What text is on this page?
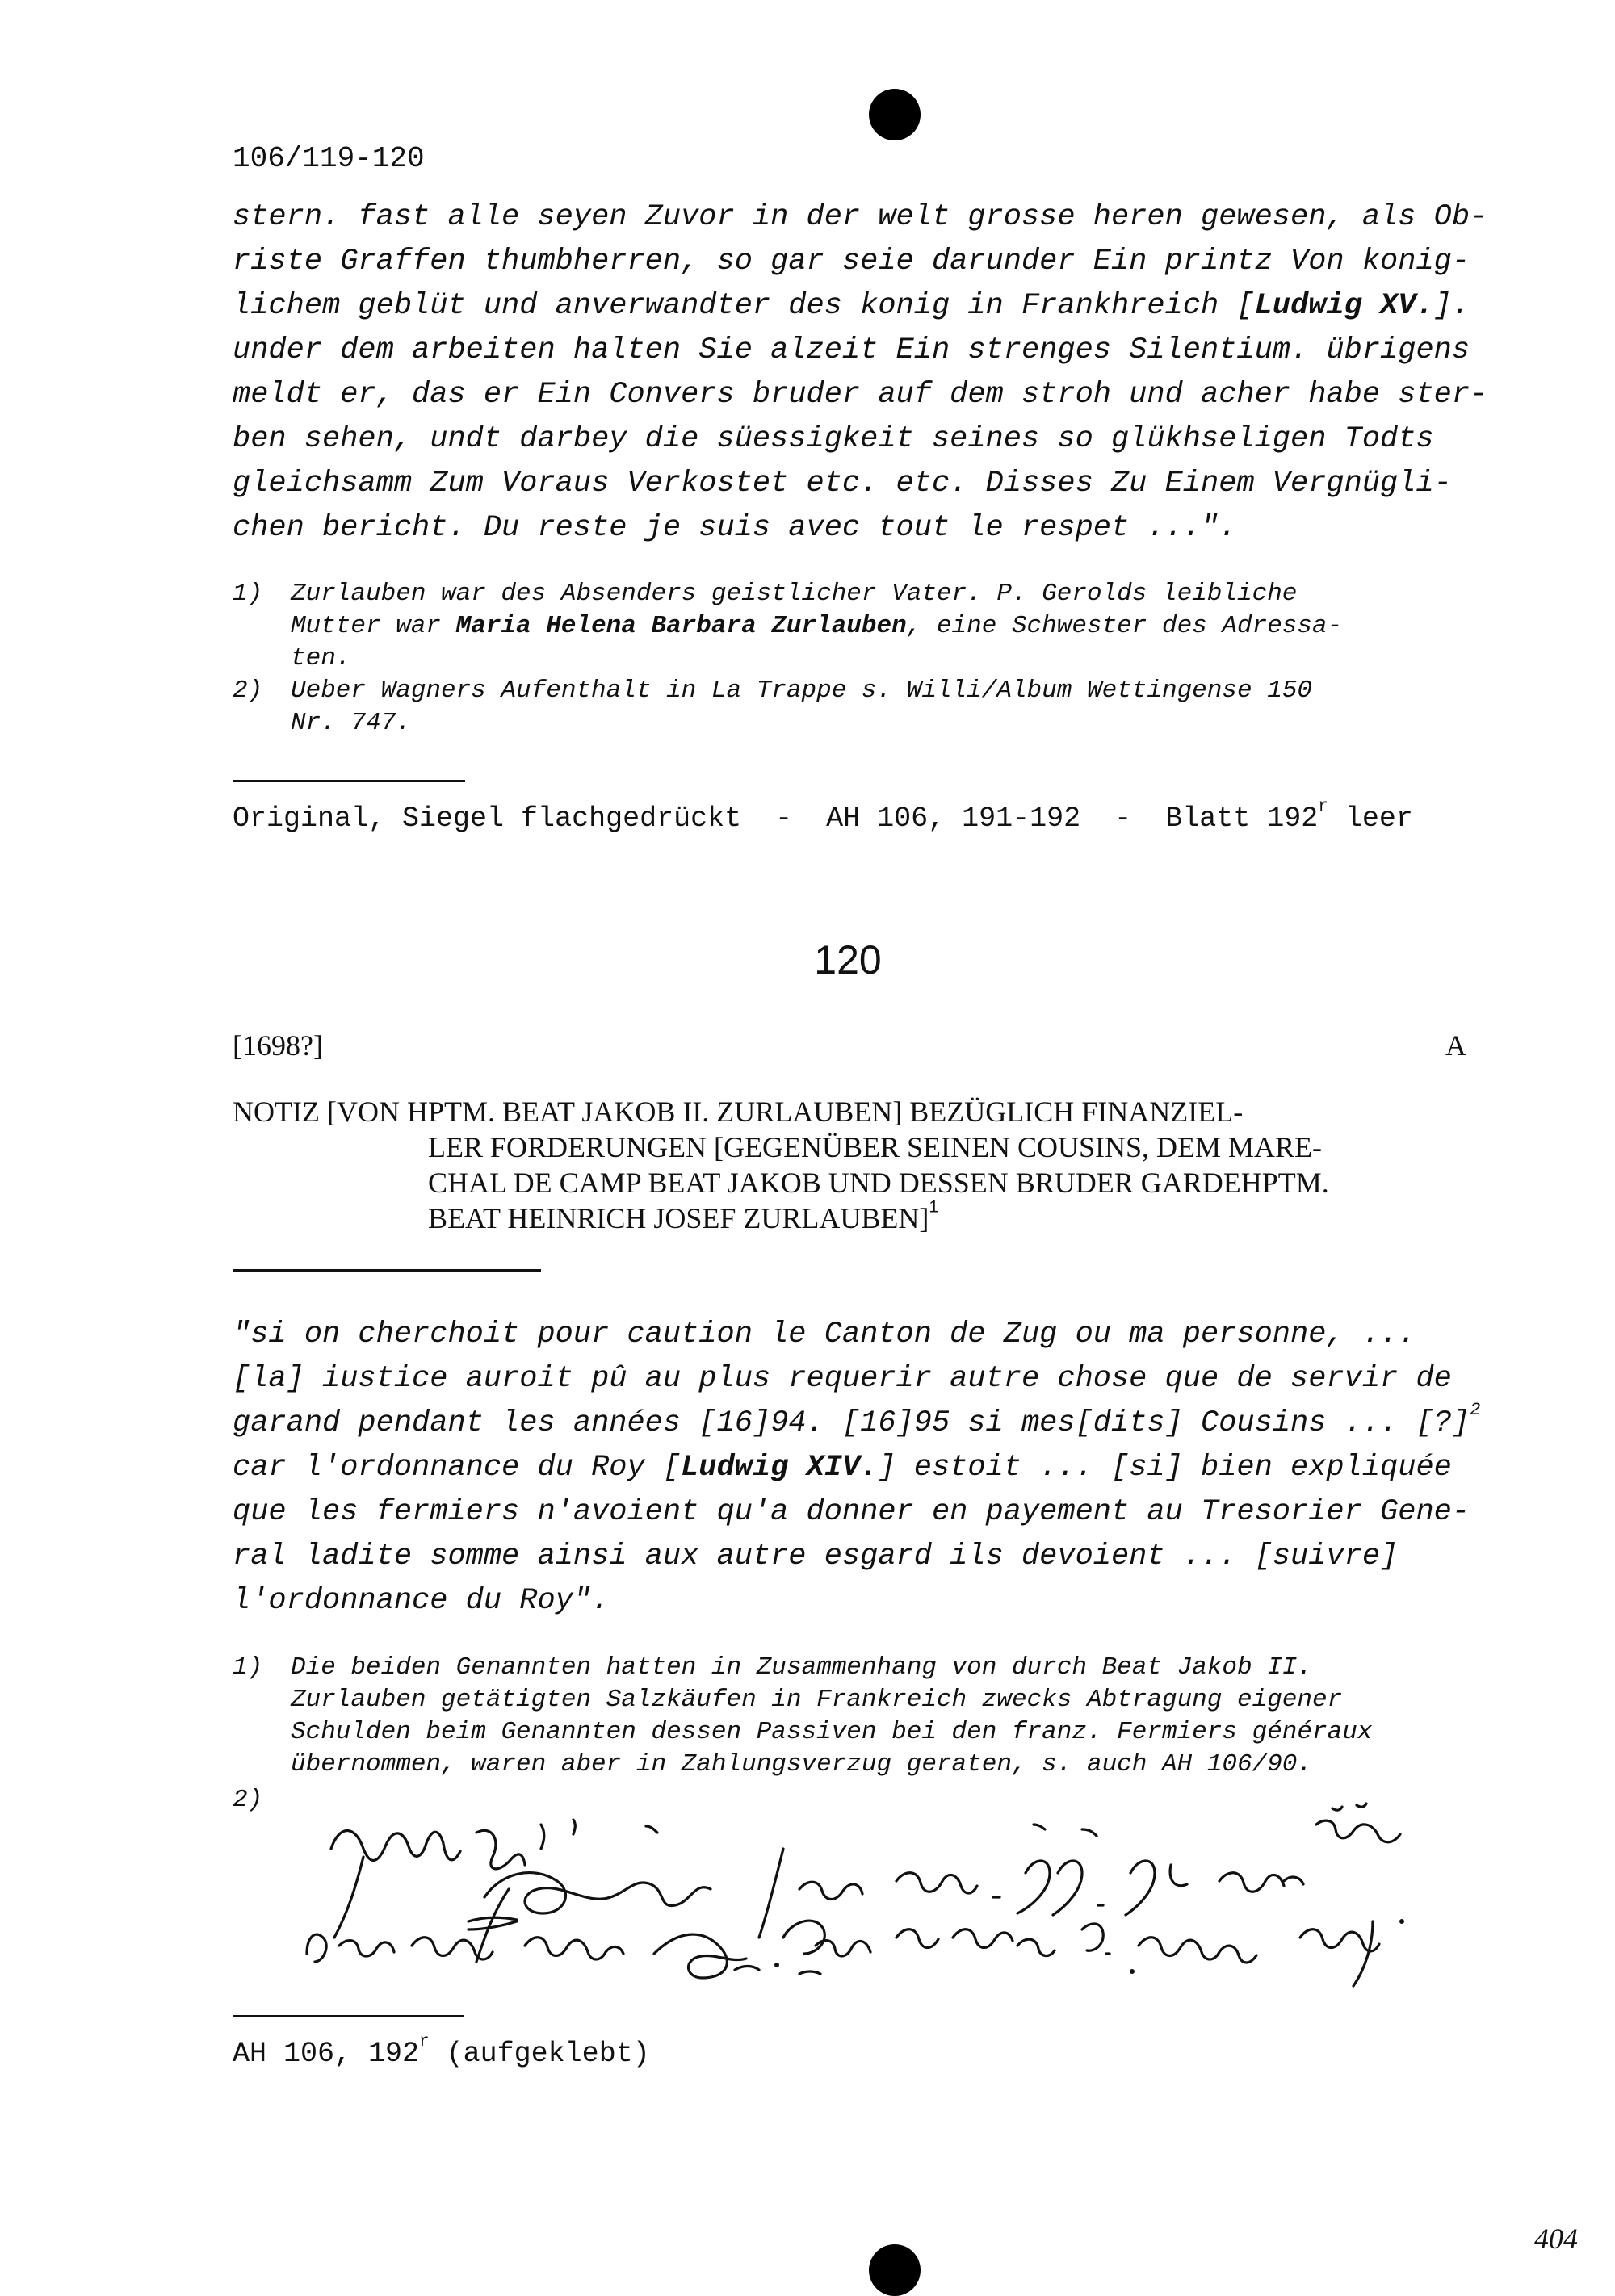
106/119-120
stern. fast alle seyen Zuvor in der welt grosse heren gewesen, als Ob-
riste Graffen thumbherren, so gar seie darunder Ein printz Von konig-
lichem geblüt und anverwandter des konig in Frankhreich [Ludwig XV.].
under dem arbeiten halten Sie alzeit Ein strenges Silentium. übrigens
meldt er, das er Ein Convers bruder auf dem stroh und acher habe ster-
ben sehen, undt darbey die süessigkeit seines so glükhseligen Todts
gleichsamm Zum Voraus Verkostet etc. etc. Disses Zu Einem Vergnügli-
chen bericht. Du reste je suis avec tout le respet ...".
1) Zurlauben war des Absenders geistlicher Vater. P. Gerolds leibliche
Mutter war Maria Helena Barbara Zurlauben, eine Schwester des Adressa-
ten.
2) Ueber Wagners Aufenthalt in La Trappe s. Willi/Album Wettingense 150
Nr. 747.
Original, Siegel flachgedrückt  -  AH 106, 191-192  -  Blatt 192$^r$ leer
120
[1698?]	A
NOTIZ [VON HPTM. BEAT JAKOB II. ZURLAUBEN] BEZÜGLICH FINANZIEL-
LER FORDERUNGEN [GEGENÜBER SEINEN COUSINS, DEM MARE-
CHAL DE CAMP BEAT JAKOB UND DESSEN BRUDER GARDEHPTM.
BEAT HEINRICH JOSEF ZURLAUBEN]$^1$
"si on cherchoit pour caution le Canton de Zug ou ma personne, ...
[la] iustice auroit pû au plus requerir autre chose que de servir de
garand pendant les années [16]94. [16]95 si mes[dits] Cousins ... [?]$^2$
car l'ordonnance du Roy [Ludwig XIV.] estoit ... [si] bien expliquée
que les fermiers n'avoient qu'a donner en payement au Tresorier Gene-
ral ladite somme ainsi aux autre esgard ils devoient ... [suivre]
l'ordonnance du Roy".
1) Die beiden Genannten hatten in Zusammenhang von durch Beat Jakob II.
Zurlauben getätigten Salzkäufen in Frankreich zwecks Abtragung eigener
Schulden beim Genannten dessen Passiven bei den franz. Fermiers généraux
übernommen, waren aber in Zahlungsverzug geraten, s. auch AH 106/90.
2)
AH 106, 192$^r$ (aufgeklebt)
404
